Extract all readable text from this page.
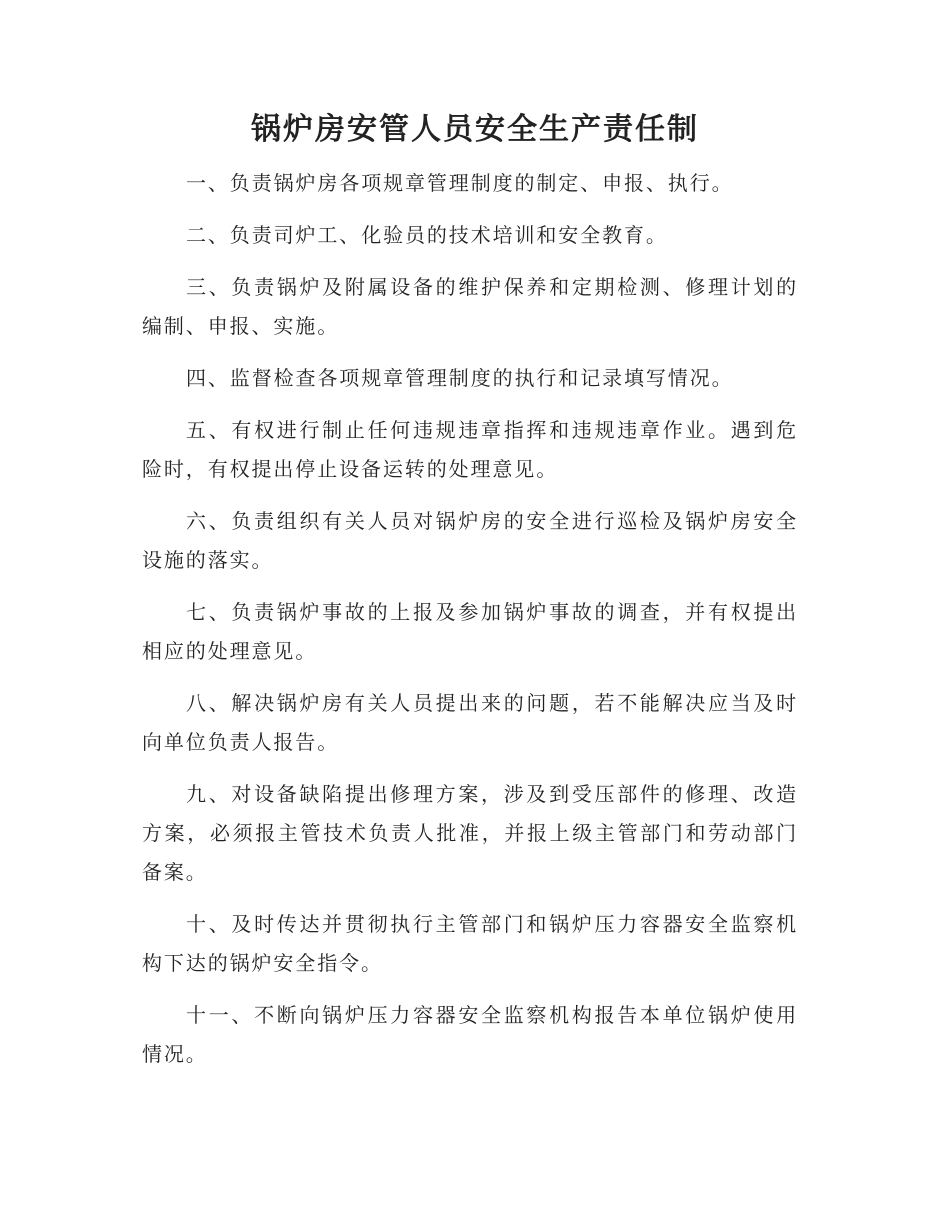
锅炉房安管人员安全生产责任制

一、负责锅炉房各项规章管理制度的制定、申报、执行。

二、负责司炉工、化验员的技术培训和安全教育。

三、负责锅炉及附属设备的维护保养和定期检测、修理计划的编制、申报、实施。

四、监督检查各项规章管理制度的执行和记录填写情况。

五、有权进行制止任何违规违章指挥和违规违章作业。遇到危险时，有权提出停止设备运转的处理意见。

六、负责组织有关人员对锅炉房的安全进行巡检及锅炉房安全设施的落实。

七、负责锅炉事故的上报及参加锅炉事故的调查，并有权提出相应的处理意见。

八、解决锅炉房有关人员提出来的问题，若不能解决应当及时向单位负责人报告。

九、对设备缺陷提出修理方案，涉及到受压部件的修理、改造方案，必须报主管技术负责人批准，并报上级主管部门和劳动部门备案。

十、及时传达并贯彻执行主管部门和锅炉压力容器安全监察机构下达的锅炉安全指令。

十一、不断向锅炉压力容器安全监察机构报告本单位锅炉使用情况。
